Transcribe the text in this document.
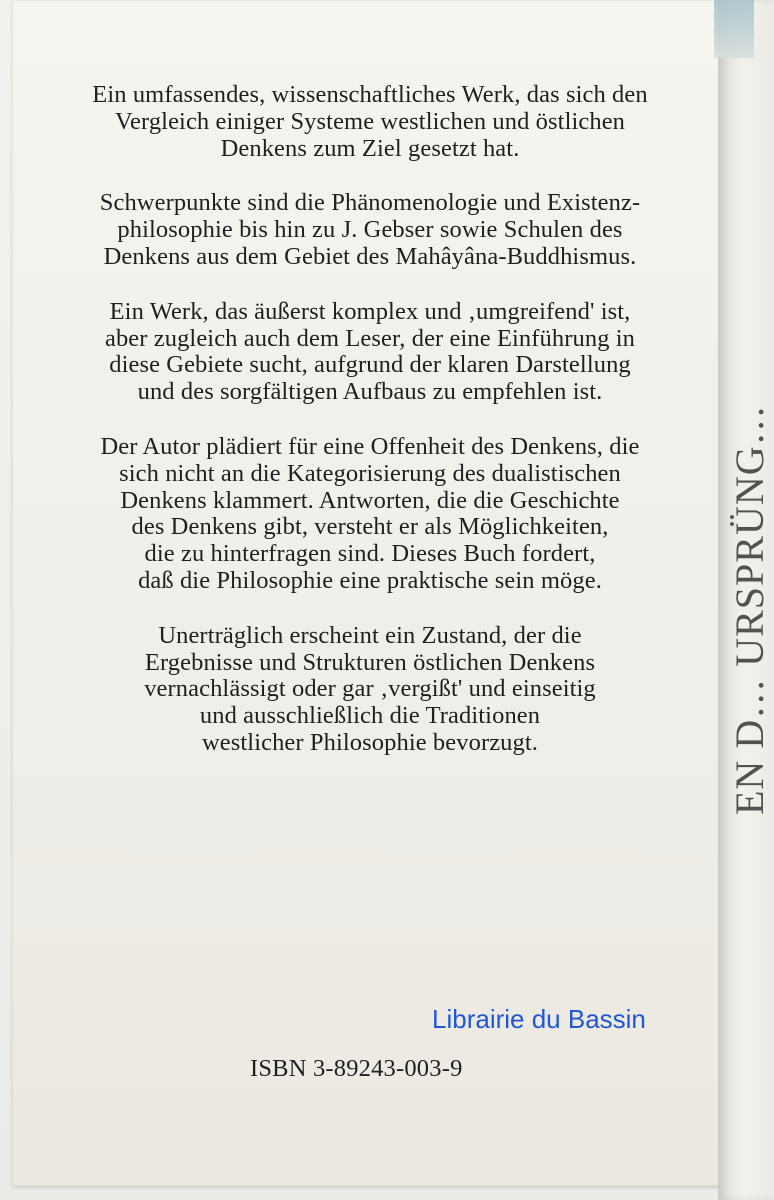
EN D… URSPRÜNG…

Ein umfassendes, wissenschaftliches Werk, das sich den
Vergleich einiger Systeme westlichen und östlichen
Denkens zum Ziel gesetzt hat.

Schwerpunkte sind die Phänomenologie und Existenz-
philosophie bis hin zu J. Gebser sowie Schulen des
Denkens aus dem Gebiet des Mahâyâna-Buddhismus.

Ein Werk, das äußerst komplex und ‚umgreifend' ist,
aber zugleich auch dem Leser, der eine Einführung in
diese Gebiete sucht, aufgrund der klaren Darstellung
und des sorgfältigen Aufbaus zu empfehlen ist.

Der Autor plädiert für eine Offenheit des Denkens, die
sich nicht an die Kategorisierung des dualistischen
Denkens klammert. Antworten, die die Geschichte
des Denkens gibt, versteht er als Möglichkeiten,
die zu hinterfragen sind. Dieses Buch fordert,
daß die Philosophie eine praktische sein möge.

Unerträglich erscheint ein Zustand, der die
Ergebnisse und Strukturen östlichen Denkens
vernachlässigt oder gar ‚vergißt' und einseitig
und ausschließlich die Traditionen
westlicher Philosophie bevorzugt.

Librairie du Bassin
ISBN 3-89243-003-9
